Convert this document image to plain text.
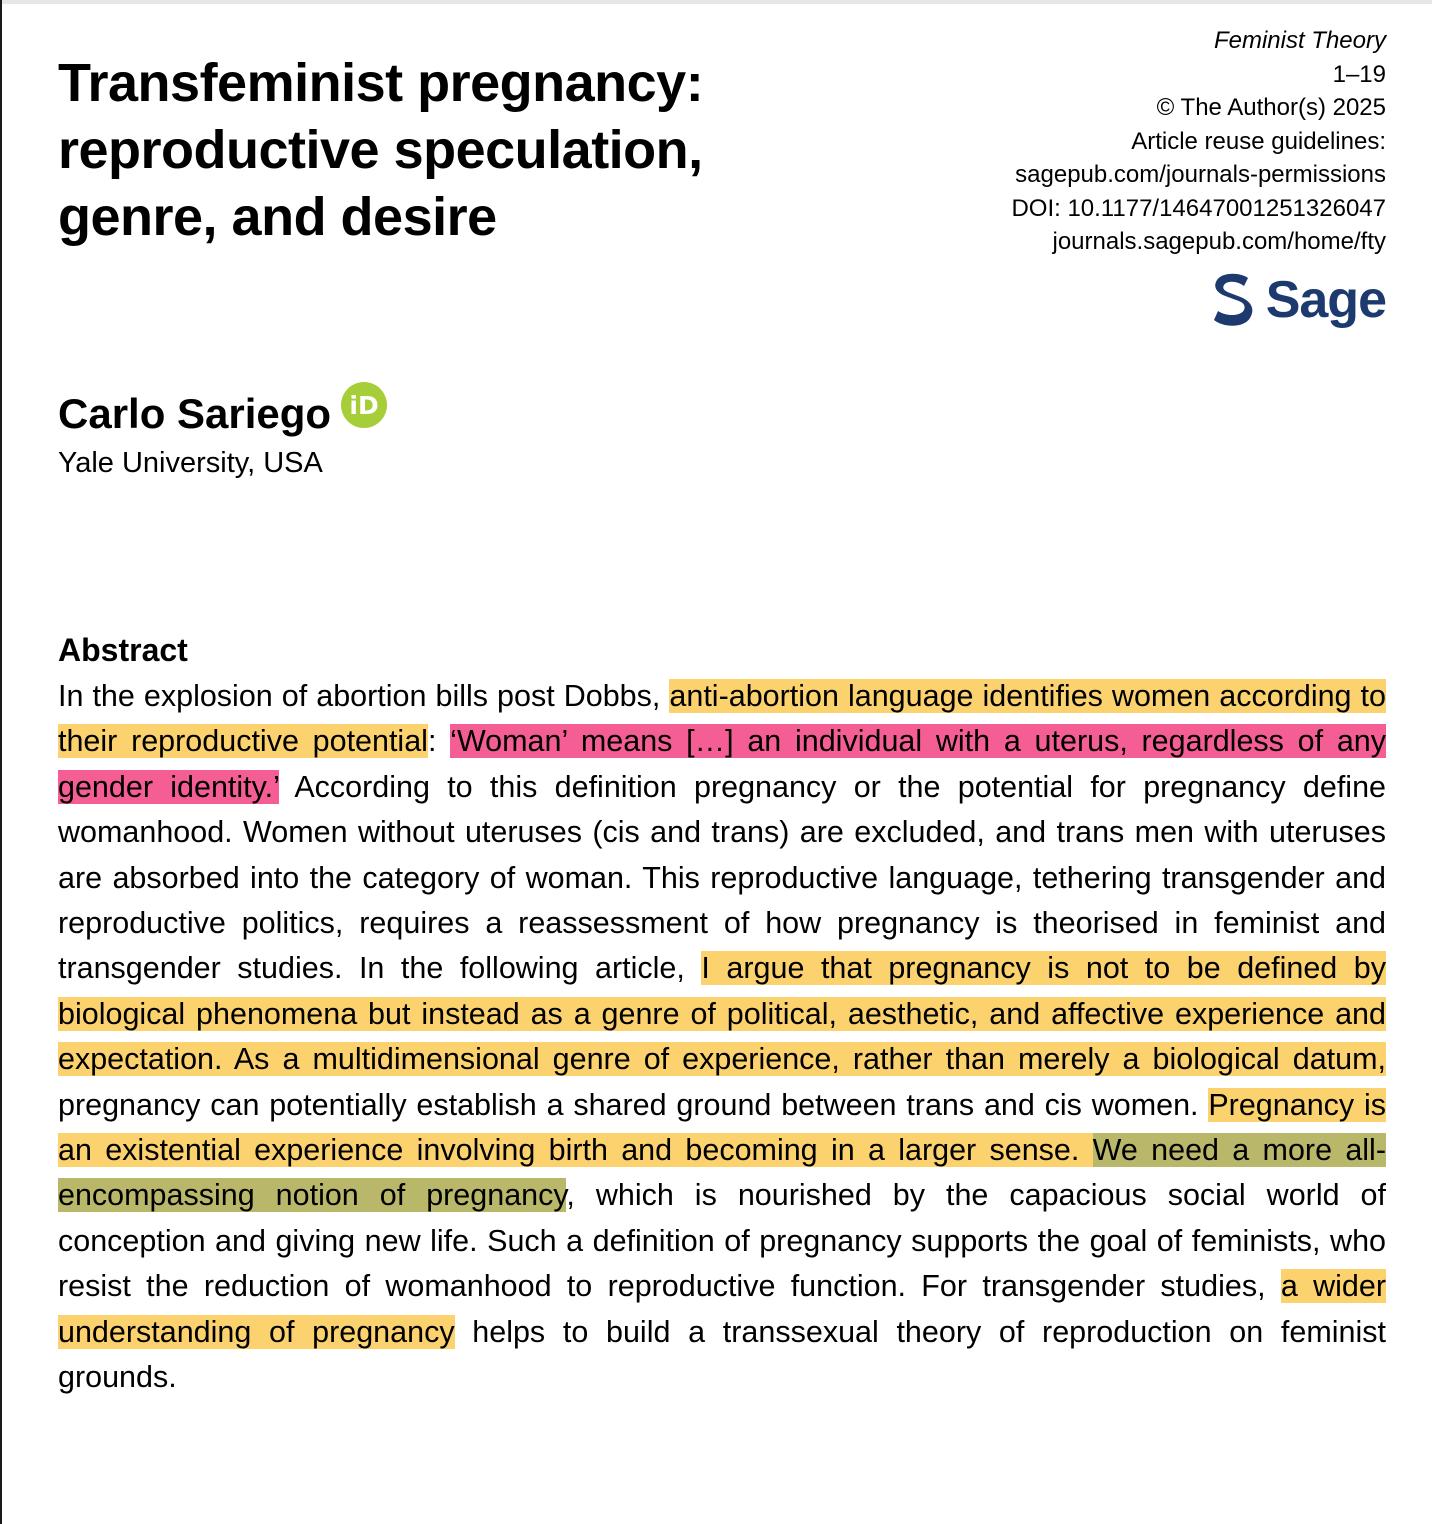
Transfeminist pregnancy: reproductive speculation, genre, and desire
Feminist Theory
1–19
© The Author(s) 2025
Article reuse guidelines:
sagepub.com/journals-permissions
DOI: 10.1177/14647001251326047
journals.sagepub.com/home/fty
Sage
Carlo Sariego iD
Yale University, USA
Abstract

In the explosion of abortion bills post Dobbs, anti-abortion language identifies women according to their reproductive potential: ‘Woman’ means […] an individual with a uterus, regardless of any gender identity.’ According to this definition pregnancy or the potential for pregnancy define womanhood. Women without uteruses (cis and trans) are excluded, and trans men with uteruses are absorbed into the category of woman. This reproductive language, tethering transgender and reproductive politics, requires a reassessment of how pregnancy is theorised in feminist and transgender studies. In the following article, I argue that pregnancy is not to be defined by biological phenomena but instead as a genre of political, aesthetic, and affective experience and expectation. As a multidimensional genre of experience, rather than merely a biological datum, pregnancy can potentially establish a shared ground between trans and cis women. Pregnancy is an existential experience involving birth and becoming in a larger sense. We need a more all-encompassing notion of pregnancy, which is nourished by the capacious social world of conception and giving new life. Such a definition of pregnancy supports the goal of feminists, who resist the reduction of womanhood to reproductive function. For transgender studies, a wider understanding of pregnancy helps to build a transsexual theory of reproduction on feminist grounds.
